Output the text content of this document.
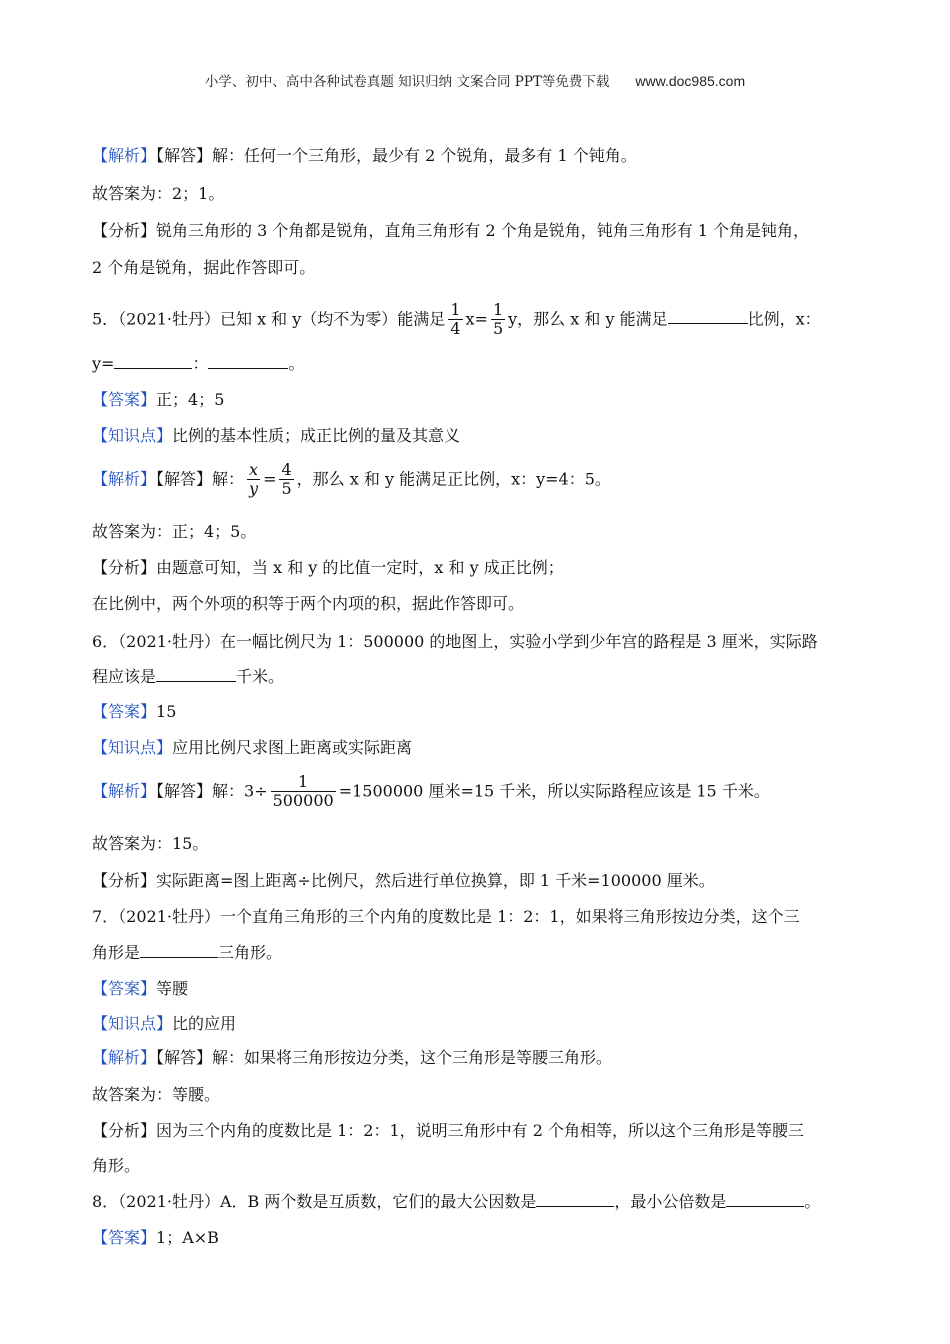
小学、初中、高中各种试卷真题 知识归纳 文案合同 PPT等免费下载 www.doc985.com
【解析】【解答】解：任何一个三角形，最少有 2 个锐角，最多有 1 个钝角。
故答案为：2；1。
【分析】锐角三角形的 3 个角都是锐角，直角三角形有 2 个角是锐角，钝角三角形有 1 个角是钝角，
2 个角是锐角，据此作答即可。
5．（2021·牡丹）已知 x 和 y（均不为零）能满足 $\frac{1}{4} x= \frac{1}{5}$ y，那么 x 和 y 能满足	比例，x：
y=	：	。
【答案】正；4；5
【知识点】比例的基本性质；成正比例的量及其意义
【解析】【解答】解： $\frac{x}{y} = \frac{4}{5}$ ，那么 x 和 y 能满足正比例，x：y=4：5。
故答案为：正；4；5。
【分析】由题意可知，当 x 和 y 的比值一定时，x 和 y 成正比例；
在比例中，两个外项的积等于两个内项的积，据此作答即可。
6．（2021·牡丹）在一幅比例尺为 1：500000 的地图上，实验小学到少年宫的路程是 3 厘米，实际路
程应该是	千米。
【答案】15
【知识点】应用比例尺求图上距离或实际距离
【解析】【解答】解：$3\div \frac{1}{500000} =1500000$ 厘米=15 千米，所以实际路程应该是 15 千米。
故答案为：15。
【分析】实际距离=图上距离÷比例尺，然后进行单位换算，即 1 千米=100000 厘米。
7．（2021·牡丹）一个直角三角形的三个内角的度数比是 1：2：1，如果将三角形按边分类，这个三
角形是	三角形。
【答案】等腰
【知识点】比的应用
【解析】【解答】解：如果将三角形按边分类，这个三角形是等腰三角形。
故答案为：等腰。
【分析】因为三个内角的度数比是 1：2：1，说明三角形中有 2 个角相等，所以这个三角形是等腰三
角形。
8．（2021·牡丹）A．B 两个数是互质数，它们的最大公因数是	，最小公倍数是	。
【答案】1；A×B
